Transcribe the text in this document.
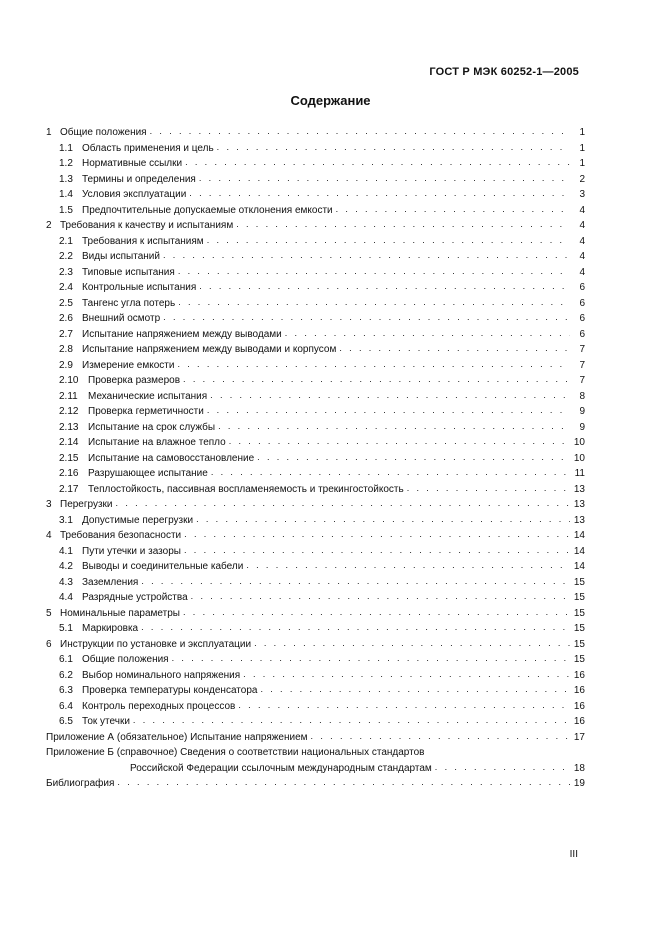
ГОСТ Р МЭК 60252-1—2005
Содержание
1 Общие положения . . .	1
1.1 Область применения и цель . . .	1
1.2 Нормативные ссылки . . .	1
1.3 Термины и определения . . .	2
1.4 Условия эксплуатации . . .	3
1.5 Предпочтительные допускаемые отклонения емкости . . .	4
2 Требования к качеству и испытаниям . . .	4
2.1 Требования к испытаниям . . .	4
2.2 Виды испытаний . . .	4
2.3 Типовые испытания . . .	4
2.4 Контрольные испытания . . .	6
2.5 Тангенс угла потерь . . .	6
2.6 Внешний осмотр . . .	6
2.7 Испытание напряжением между выводами . . .	6
2.8 Испытание напряжением между выводами и корпусом . . .	7
2.9 Измерение емкости . . .	7
2.10 Проверка размеров . . .	7
2.11	Механические испытания . . .	8
2.12 Проверка герметичности . . .	9
2.13 Испытание на срок службы . . .	9
2.14 Испытание на влажное тепло . . .	10
2.15 Испытание на самовосстановление . . .	10
2.16 Разрушающее испытание . . .	11
2.17 Теплостойкость, пассивная воспламеняемость и трекингостойкость . . .	13
3 Перегрузки . . .	13
3.1 Допустимые перегрузки . . .	13
4 Требования безопасности . . .	14
4.1 Пути утечки и зазоры . . .	14
4.2 Выводы и соединительные кабели . . .	14
4.3 Заземления . . .	15
4.4 Разрядные устройства . . .	15
5 Номинальные параметры . . .	15
5.1 Маркировка . . .	15
6 Инструкции по установке и эксплуатации . . .	15
6.1 Общие положения . . .	15
6.2 Выбор номинального напряжения . . .	16
6.3 Проверка температуры конденсатора . . .	16
6.4 Контроль переходных процессов . . .	16
6.5 Ток утечки . . .	16
Приложение А (обязательное) Испытание напряжением . . .	17
Приложение Б (справочное) Сведения о соответствии национальных стандартов
Российской Федерации ссылочным международным стандартам . . .	18
Библиография . . .	19
III
